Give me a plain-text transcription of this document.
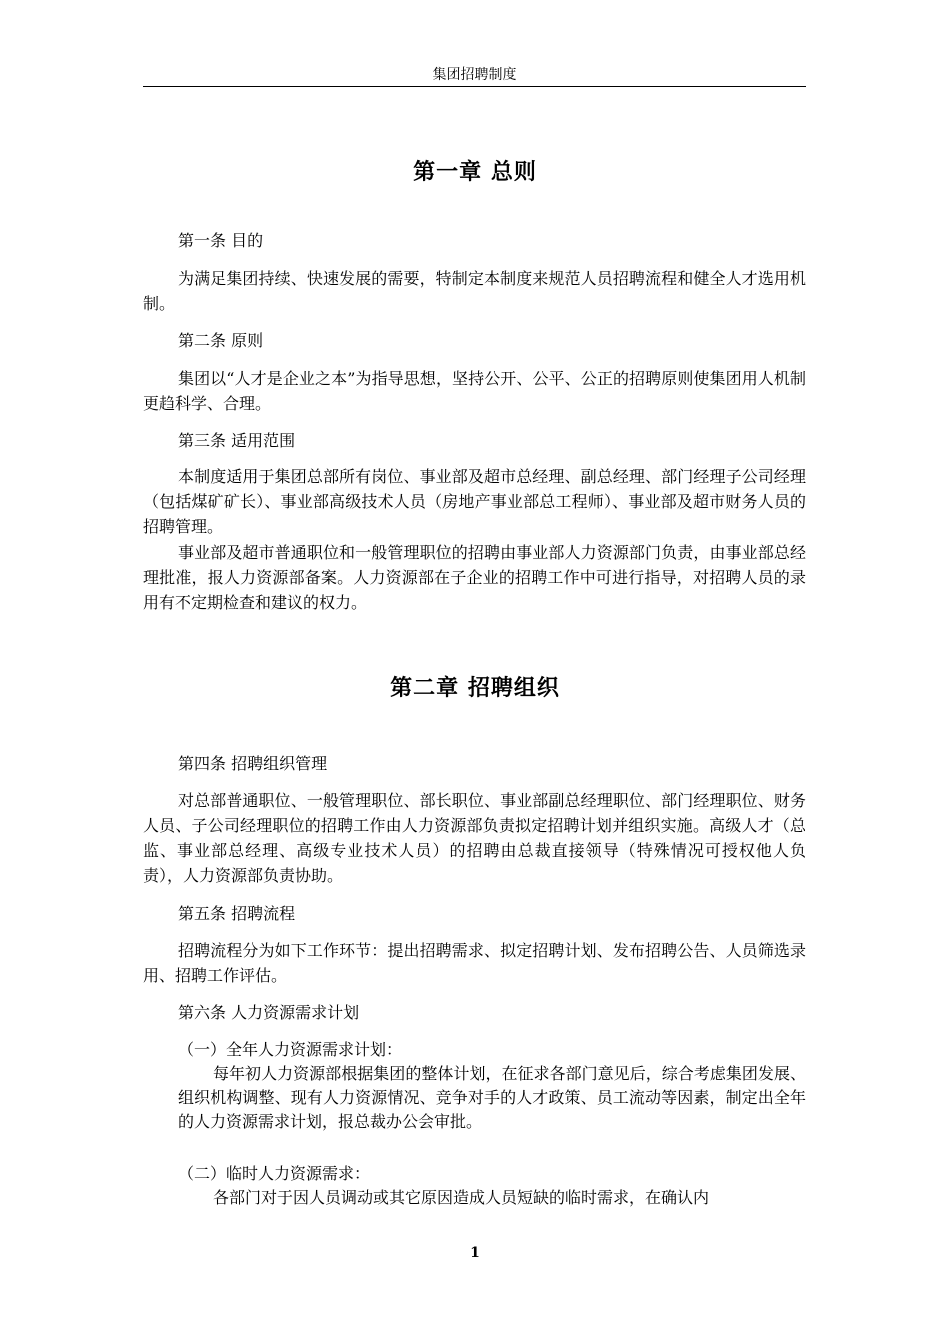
集团招聘制度
第一章 总则
第一条 目的
为满足集团持续、快速发展的需要，特制定本制度来规范人员招聘流程和健全人才选用机制。
第二条 原则
集团以“人才是企业之本”为指导思想，坚持公开、公平、公正的招聘原则使集团用人机制更趋科学、合理。
第三条 适用范围
本制度适用于集团总部所有岗位、事业部及超市总经理、副总经理、部门经理子公司经理（包括煤矿矿长）、事业部高级技术人员（房地产事业部总工程师）、事业部及超市财务人员的招聘管理。
事业部及超市普通职位和一般管理职位的招聘由事业部人力资源部门负责，由事业部总经理批准，报人力资源部备案。人力资源部在子企业的招聘工作中可进行指导，对招聘人员的录用有不定期检查和建议的权力。
第二章 招聘组织
第四条 招聘组织管理
对总部普通职位、一般管理职位、部长职位、事业部副总经理职位、部门经理职位、财务人员、子公司经理职位的招聘工作由人力资源部负责拟定招聘计划并组织实施。高级人才（总监、事业部总经理、高级专业技术人员）的招聘由总裁直接领导（特殊情况可授权他人负责），人力资源部负责协助。
第五条 招聘流程
招聘流程分为如下工作环节：提出招聘需求、拟定招聘计划、发布招聘公告、人员筛选录用、招聘工作评估。
第六条 人力资源需求计划
（一）全年人力资源需求计划：
每年初人力资源部根据集团的整体计划，在征求各部门意见后，综合考虑集团发展、组织机构调整、现有人力资源情况、竞争对手的人才政策、员工流动等因素，制定出全年的人力资源需求计划，报总裁办公会审批。
（二）临时人力资源需求：
各部门对于因人员调动或其它原因造成人员短缺的临时需求，在确认内
1
